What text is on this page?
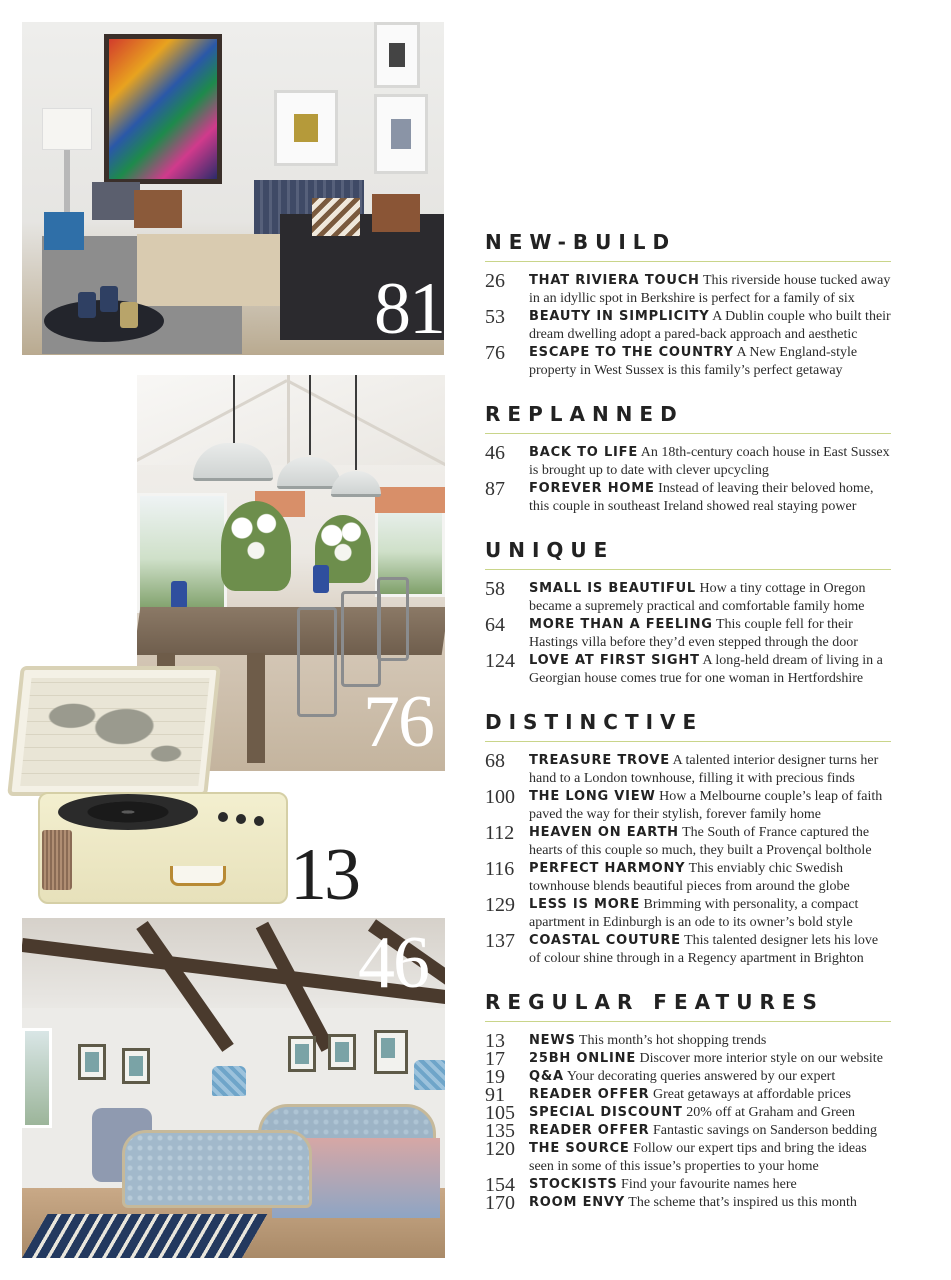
81
76
13
46
NEW-BUILD
26	THAT RIVIERA TOUCH This riverside house tucked away in an idyllic spot in Berkshire is perfect for a family of six
53	BEAUTY IN SIMPLICITY A Dublin couple who built their dream dwelling adopt a pared-back approach and aesthetic
76	ESCAPE TO THE COUNTRY A New England-style property in West Sussex is this family’s perfect getaway
REPLANNED
46	BACK TO LIFE An 18th-century coach house in East Sussex is brought up to date with clever upcycling
87	FOREVER HOME Instead of leaving their beloved home, this couple in southeast Ireland showed real staying power
UNIQUE
58	SMALL IS BEAUTIFUL How a tiny cottage in Oregon became a supremely practical and comfortable family home
64	MORE THAN A FEELING This couple fell for their Hastings villa before they’d even stepped through the door
124	LOVE AT FIRST SIGHT A long-held dream of living in a Georgian house comes true for one woman in Hertfordshire
DISTINCTIVE
68	TREASURE TROVE A talented interior designer turns her hand to a London townhouse, filling it with precious finds
100	THE LONG VIEW How a Melbourne couple’s leap of faith paved the way for their stylish, forever family home
112	HEAVEN ON EARTH The South of France captured the hearts of this couple so much, they built a Provençal bolthole
116	PERFECT HARMONY This enviably chic Swedish townhouse blends beautiful pieces from around the globe
129	LESS IS MORE Brimming with personality, a compact apartment in Edinburgh is an ode to its owner’s bold style
137	COASTAL COUTURE This talented designer lets his love of colour shine through in a Regency apartment in Brighton
REGULAR FEATURES
13	NEWS This month’s hot shopping trends
17	25BH ONLINE Discover more interior style on our website
19	Q&A Your decorating queries answered by our expert
91	READER OFFER Great getaways at affordable prices
105	SPECIAL DISCOUNT 20% off at Graham and Green
135	READER OFFER Fantastic savings on Sanderson bedding
120	THE SOURCE Follow our expert tips and bring the ideas seen in some of this issue’s properties to your home
154	STOCKISTS Find your favourite names here
170	ROOM ENVY The scheme that’s inspired us this month
